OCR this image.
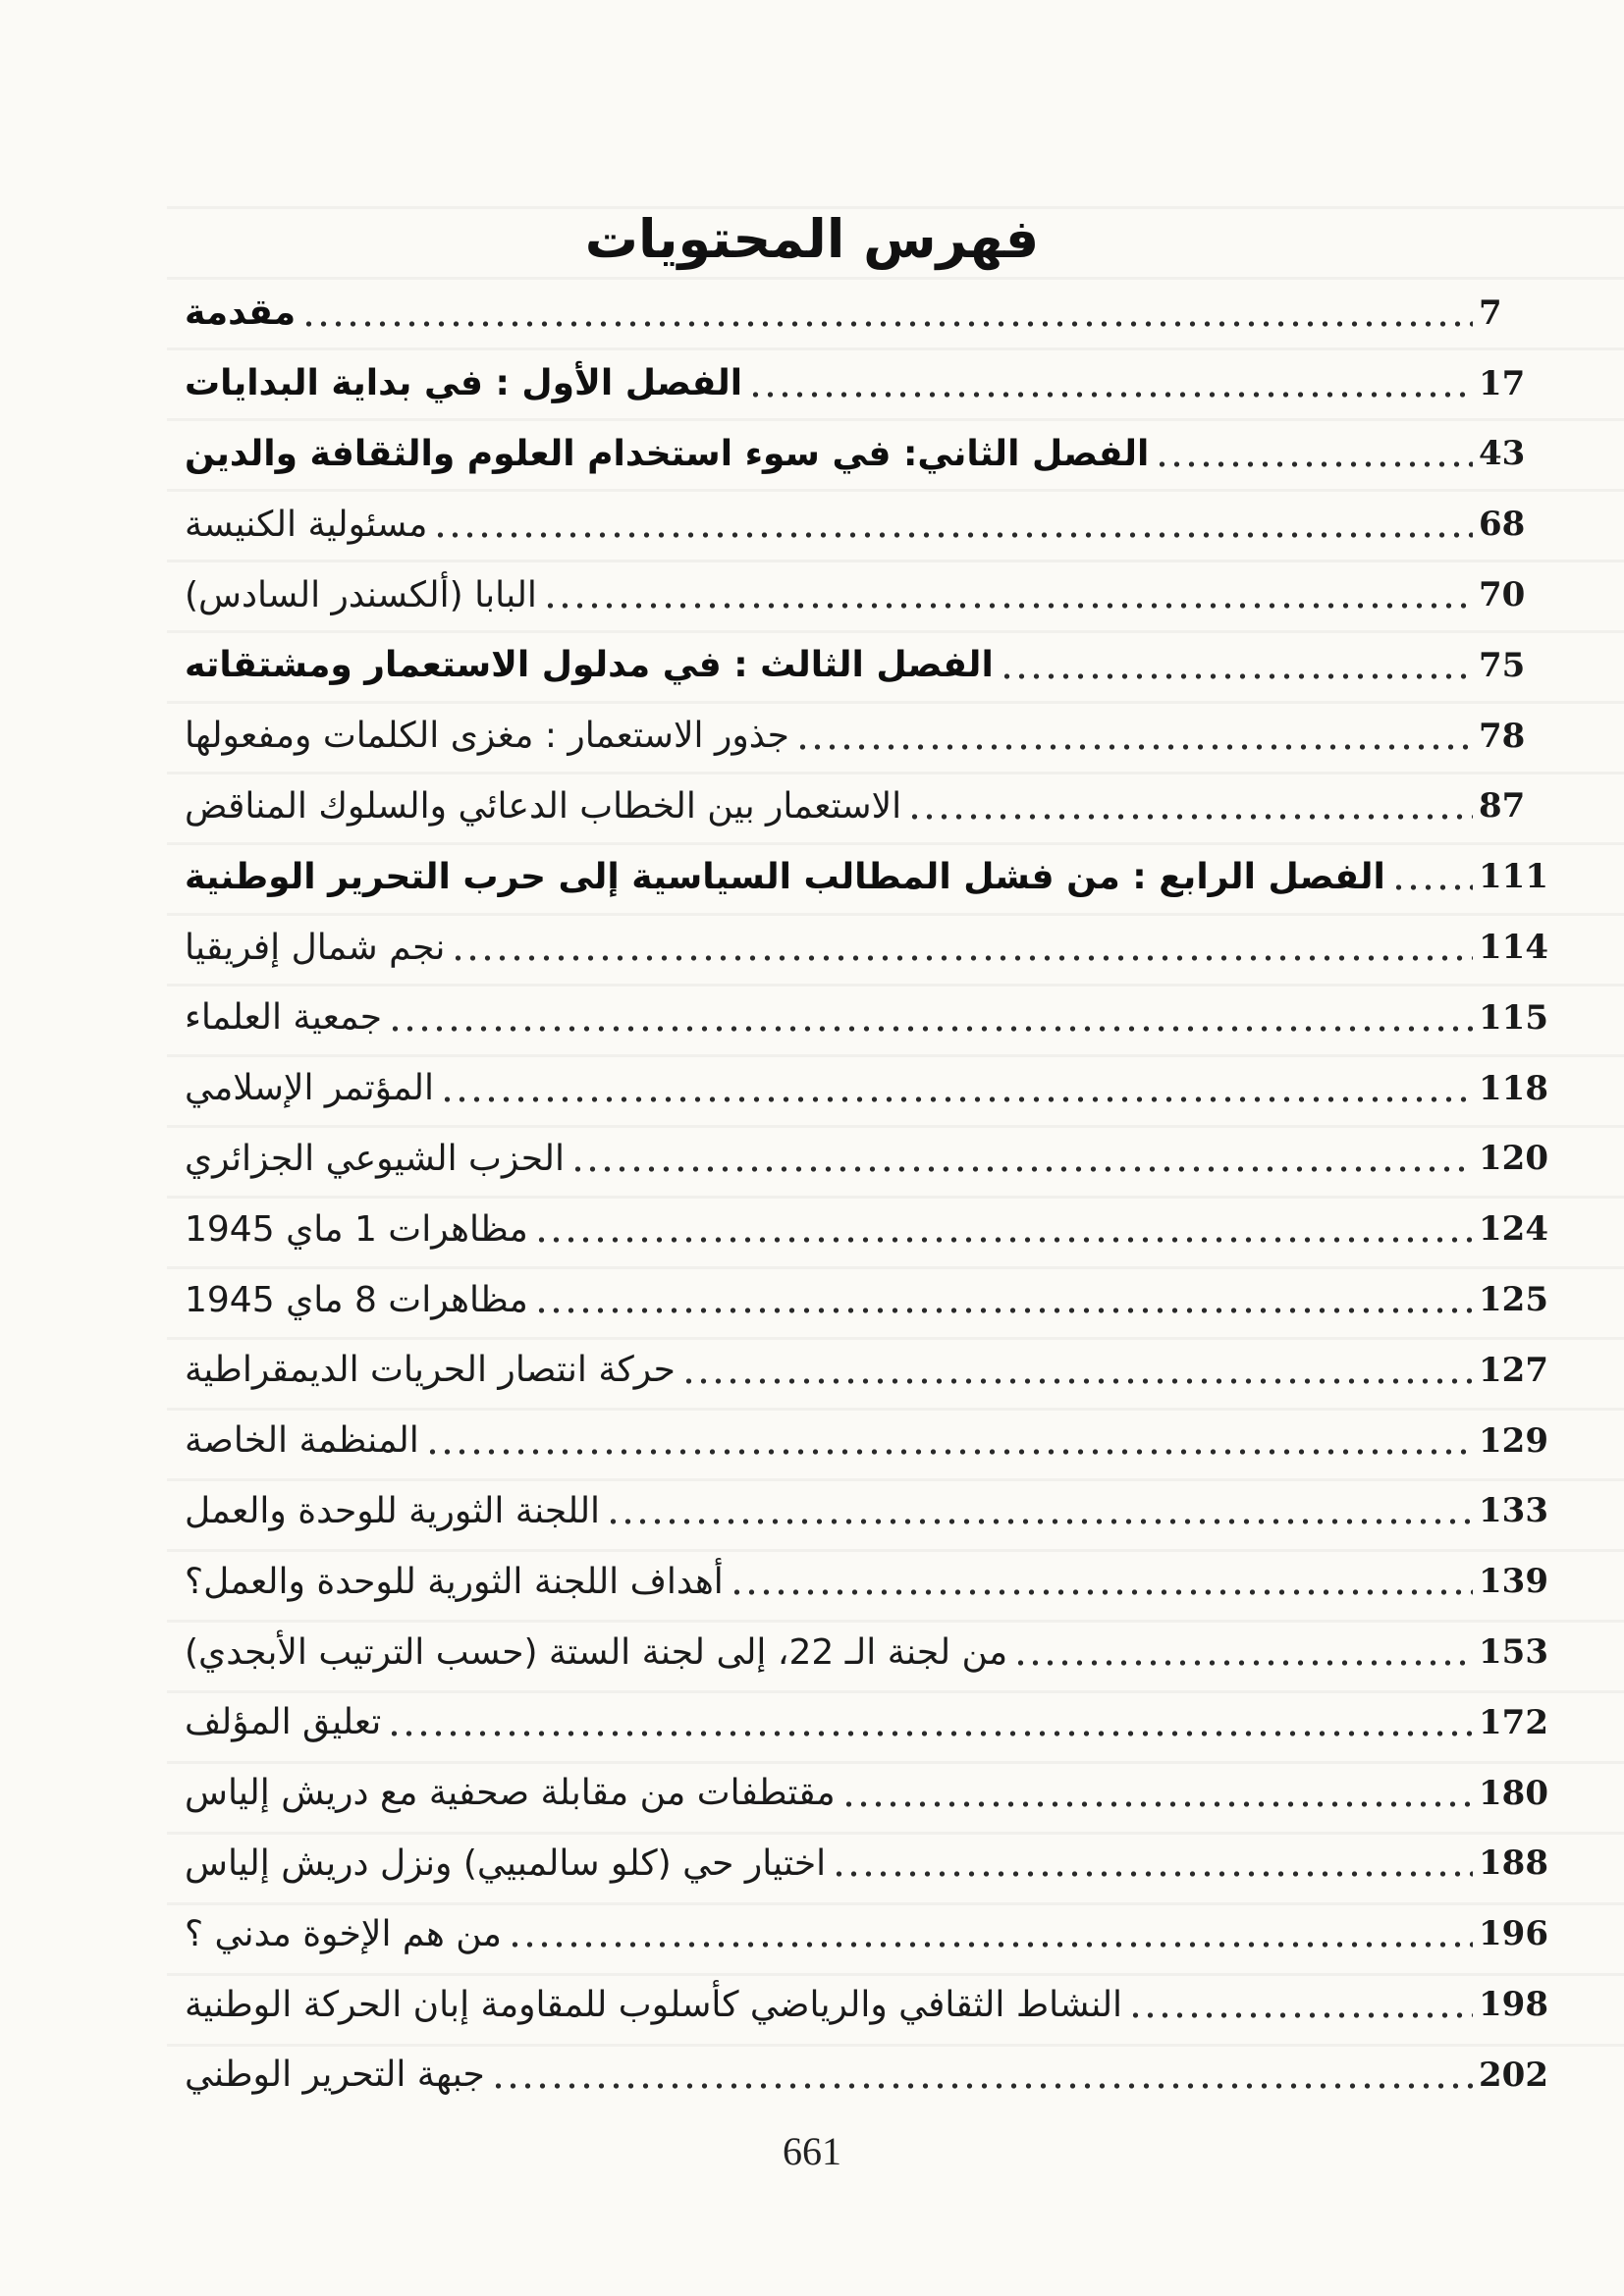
فهرس المحتويات
مقدمة	7
الفصل الأول : في بداية البدايات	17
الفصل الثاني: في سوء استخدام العلوم والثقافة والدين	43
مسئولية الكنيسة	68
البابا (ألكسندر السادس)	70
الفصل الثالث : في مدلول الاستعمار ومشتقاته	75
جذور الاستعمار : مغزى الكلمات ومفعولها	78
الاستعمار بين الخطاب الدعائي والسلوك المناقض	87
الفصل الرابع : من فشل المطالب السياسية إلى حرب التحرير الوطنية	111
نجم شمال إفريقيا	114
جمعية العلماء	115
المؤتمر الإسلامي	118
الحزب الشيوعي الجزائري	120
مظاهرات 1 ماي 1945	124
مظاهرات 8 ماي 1945	125
حركة انتصار الحريات الديمقراطية	127
المنظمة الخاصة	129
اللجنة الثورية للوحدة والعمل	133
أهداف اللجنة الثورية للوحدة والعمل؟	139
من لجنة الـ 22، إلى لجنة الستة (حسب الترتيب الأبجدي)	153
تعليق المؤلف	172
مقتطفات من مقابلة صحفية مع دريش إلياس	180
اختيار حي (كلو سالمبيي) ونزل دريش إلياس	188
من هم الإخوة مدني ؟	196
النشاط الثقافي والرياضي كأسلوب للمقاومة إبان الحركة الوطنية	198
جبهة التحرير الوطني	202
661
